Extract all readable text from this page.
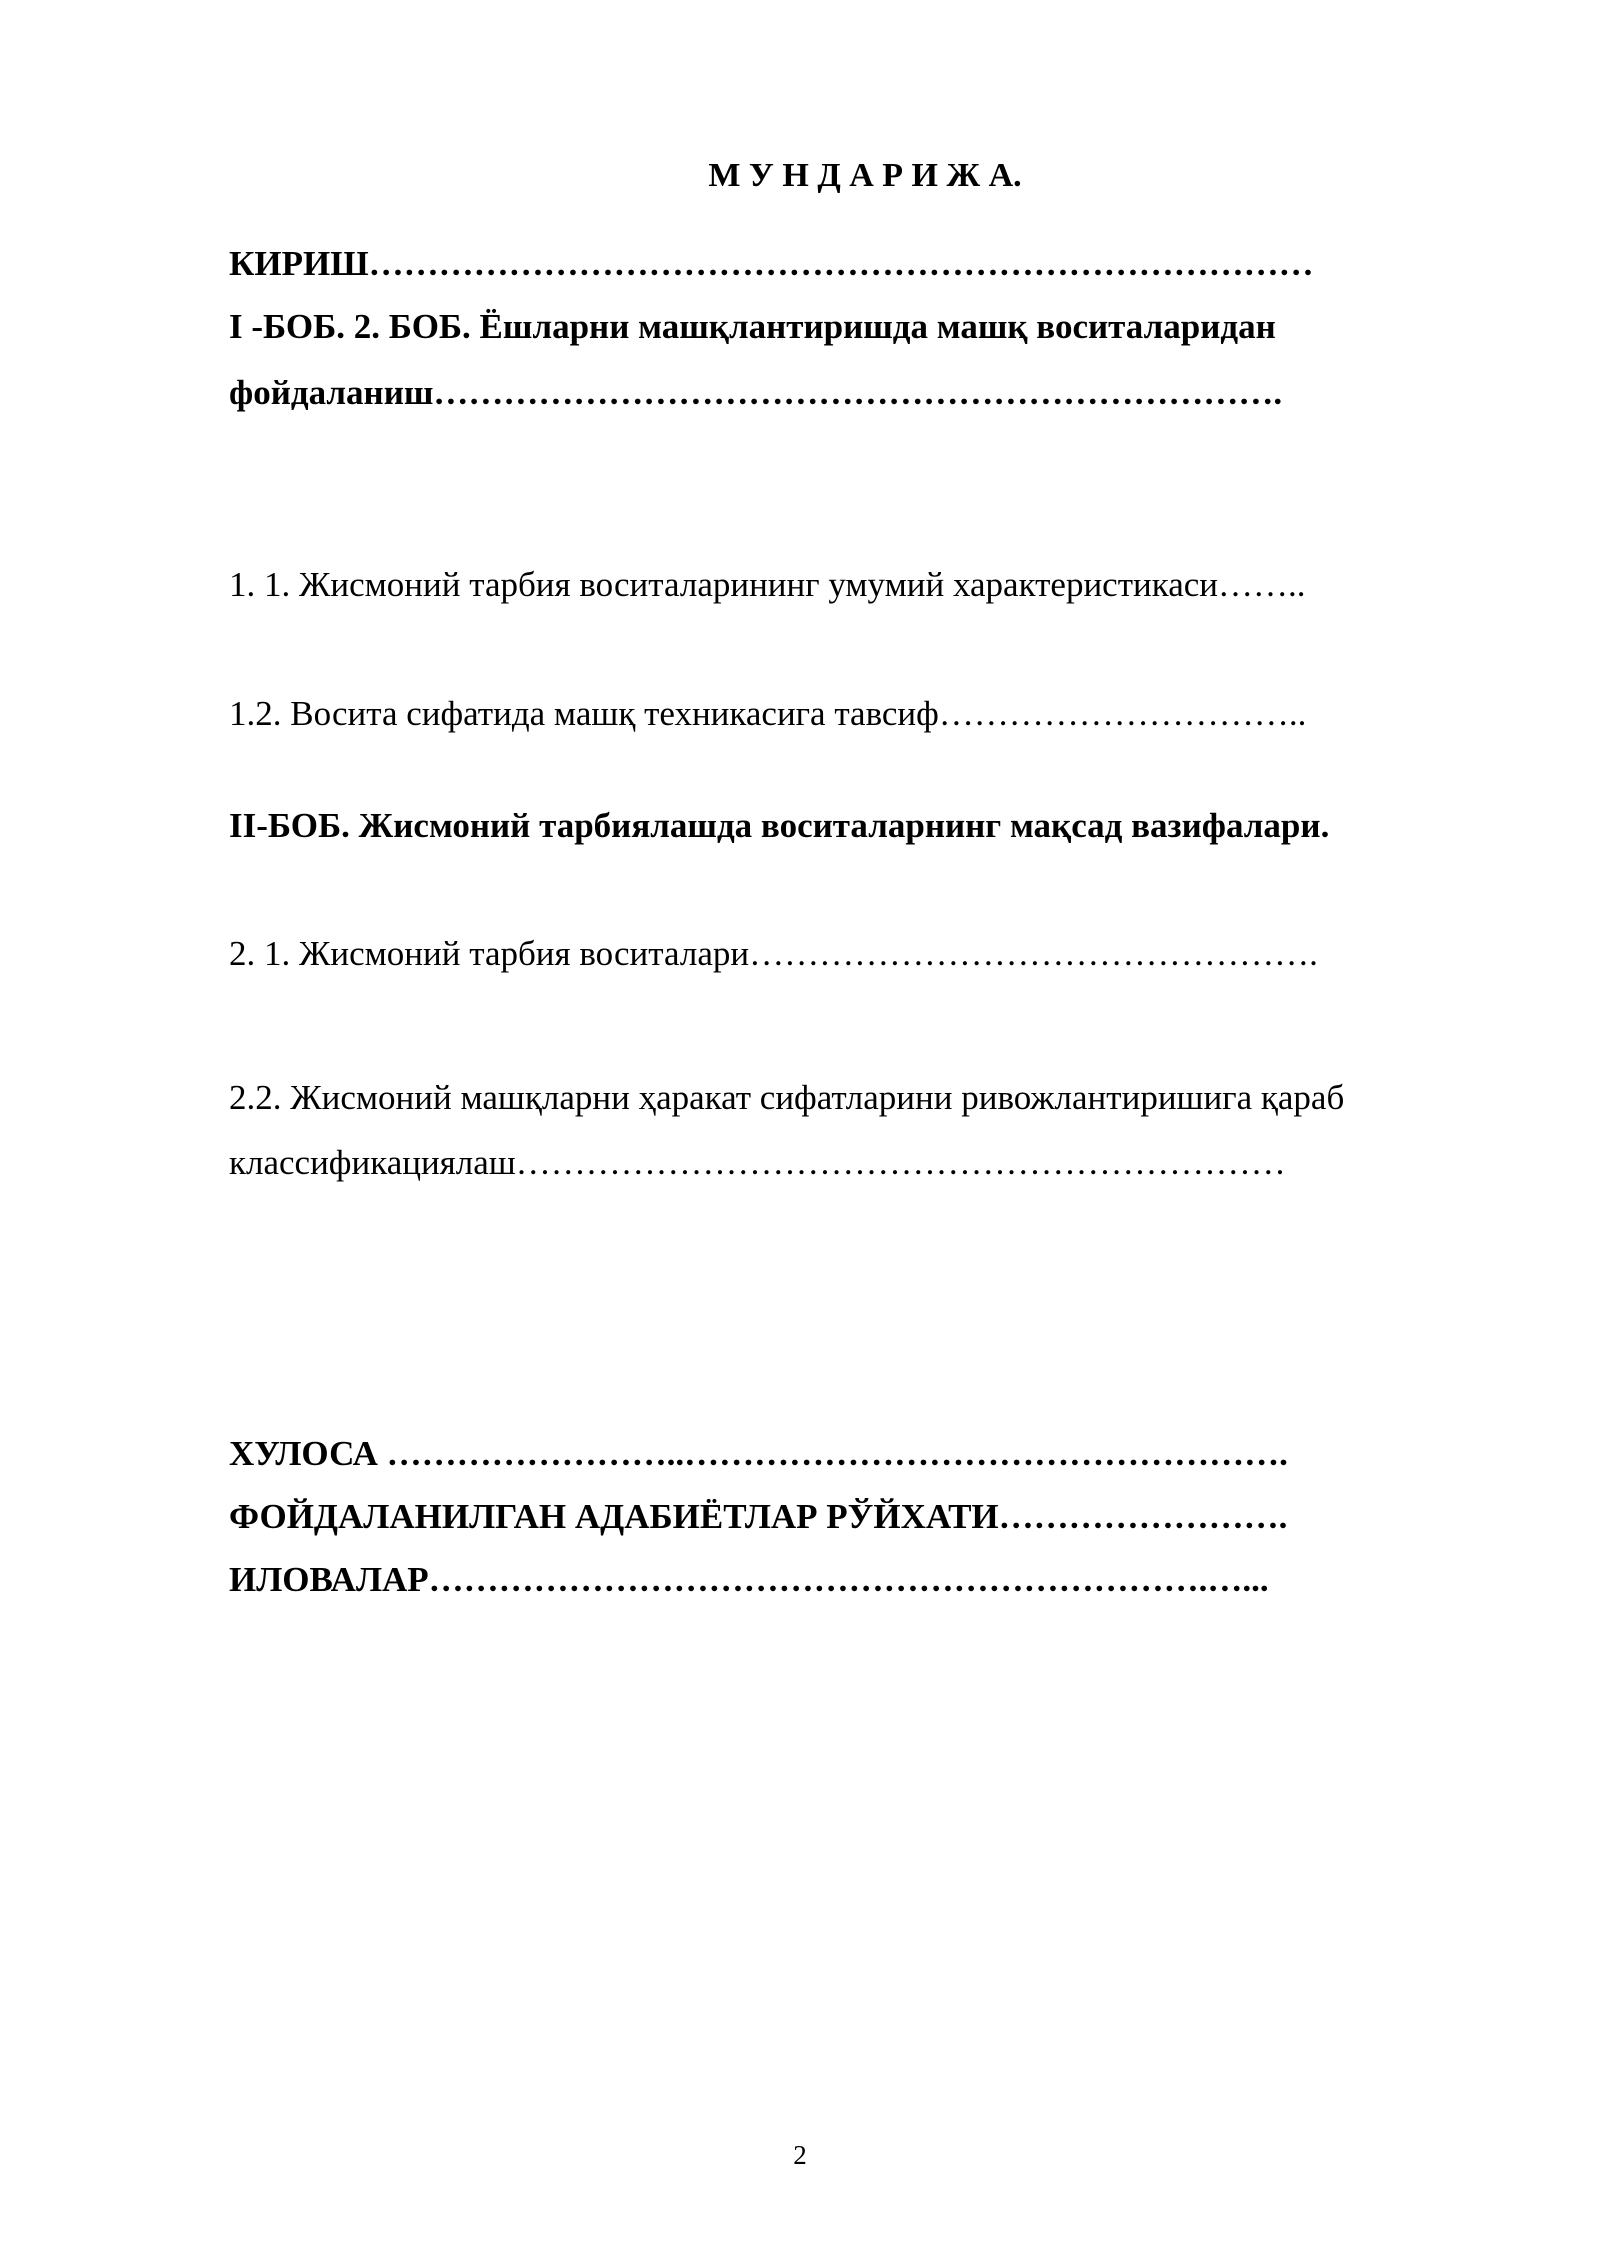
М У Н Д А Р И Ж А.
КИРИШ………………………………………………………………………
I -БОБ. 2. БОБ. Ёшларни машқлантиришда машқ воситаларидан
фойдаланиш……………………………………………………………….
1. 1. Жисмоний тарбия воситаларининг умумий характеристикаси……..
1.2. Восита сифатида машқ техникасига тавсиф…………………………..
II-БОБ. Жисмоний тарбиялашда воситаларнинг мақсад вазифалари.
2. 1. Жисмоний тарбия воситалари………………………………………….
2.2. Жисмоний машқларни ҳаракат сифатларини ривожлантиришига қараб
классификациялаш…………………………………………………………
ХУЛОСА ……………………..…………………………………………….
ФОЙДАЛАНИЛГАН АДАБИЁТЛАР РЎЙХАТИ…………………….
ИЛОВАЛАР………………………………………………………….…...
2
